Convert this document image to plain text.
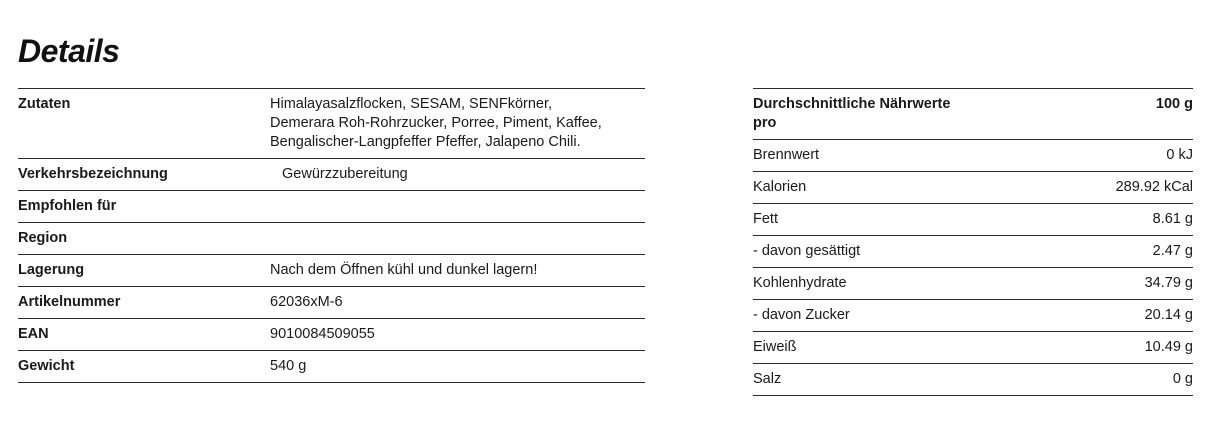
Details
Zutaten	Himalayasalzflocken, SESAM, SENFkörner,
Demerara Roh-Rohrzucker, Porree, Piment, Kaffee,
Bengalischer-Langpfeffer Pfeffer, Jalapeno Chili.

Verkehrsbezeichnung	Gewürzzubereitung
Empfohlen für	
Region	
Lagerung	Nach dem Öffnen kühl und dunkel lagern!
Artikelnummer	62036xM-6
EAN	9010084509055
Gewicht	540 g
Durchschnittliche Nährwerte pro	100 g
Brennwert	0 kJ
Kalorien	289.92 kCal
Fett	8.61 g
- davon gesättigt	2.47 g
Kohlenhydrate	34.79 g
- davon Zucker	20.14 g
Eiweiß	10.49 g
Salz	0 g
